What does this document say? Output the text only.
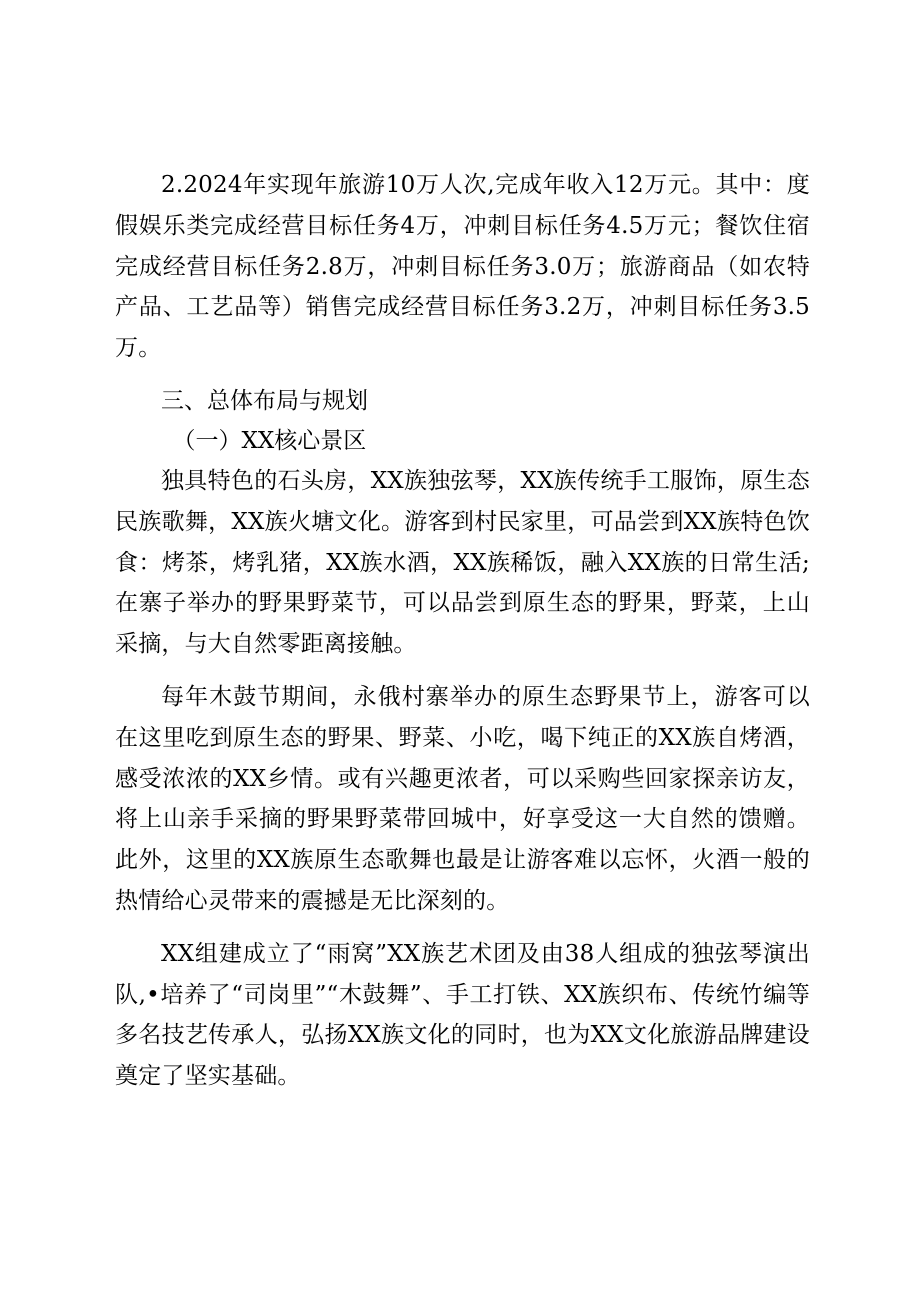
2.2024年实现年旅游10万人次,完成年收入12万元。其中：度假娱乐类完成经营目标任务4万，冲刺目标任务4.5万元；餐饮住宿完成经营目标任务2.8万，冲刺目标任务3.0万；旅游商品（如农特产品、工艺品等）销售完成经营目标任务3.2万，冲刺目标任务3.5万。

三、总体布局与规划

（一）XX核心景区

独具特色的石头房，XX族独弦琴，XX族传统手工服饰，原生态民族歌舞，XX族火塘文化。游客到村民家里，可品尝到XX族特色饮食：烤茶，烤乳猪，XX族水酒，XX族稀饭，融入XX族的日常生活;在寨子举办的野果野菜节，可以品尝到原生态的野果，野菜，上山采摘，与大自然零距离接触。

每年木鼓节期间，永俄村寨举办的原生态野果节上，游客可以在这里吃到原生态的野果、野菜、小吃，喝下纯正的XX族自烤酒，感受浓浓的XX乡情。或有兴趣更浓者，可以采购些回家探亲访友，将上山亲手采摘的野果野菜带回城中，好享受这一大自然的馈赠。此外，这里的XX族原生态歌舞也最是让游客难以忘怀，火酒一般的热情给心灵带来的震撼是无比深刻的。

XX组建成立了“雨窝”XX族艺术团及由38人组成的独弦琴演出队,•培养了“司岗里”“木鼓舞”、手工打铁、XX族织布、传统竹编等多名技艺传承人，弘扬XX族文化的同时，也为XX文化旅游品牌建设奠定了坚实基础。
